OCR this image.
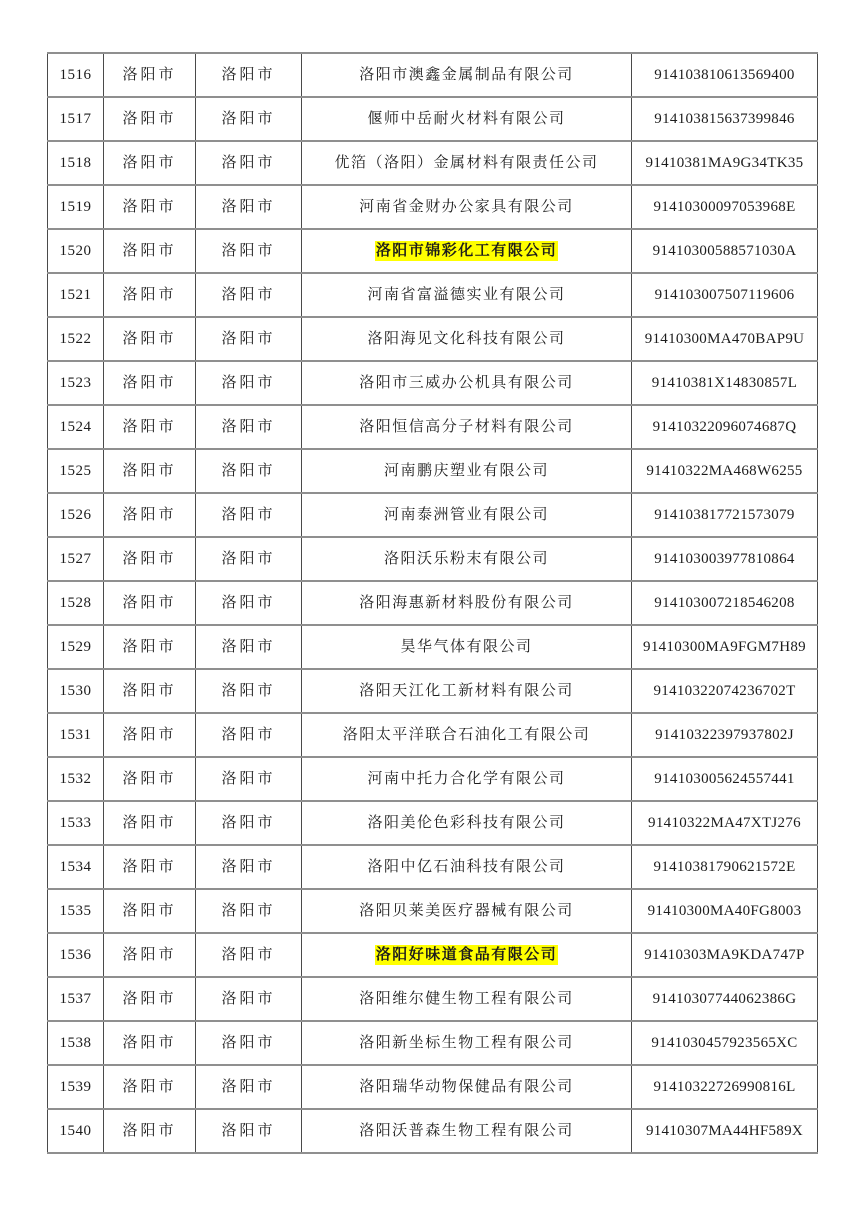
1516	洛阳市	洛阳市	洛阳市澳鑫金属制品有限公司	914103810613569400
1517	洛阳市	洛阳市	偃师中岳耐火材料有限公司	914103815637399846
1518	洛阳市	洛阳市	优箔（洛阳）金属材料有限责任公司	91410381MA9G34TK35
1519	洛阳市	洛阳市	河南省金财办公家具有限公司	91410300097053968E
1520	洛阳市	洛阳市	洛阳市锦彩化工有限公司	91410300588571030A
1521	洛阳市	洛阳市	河南省富溢德实业有限公司	914103007507119606
1522	洛阳市	洛阳市	洛阳海见文化科技有限公司	91410300MA470BAP9U
1523	洛阳市	洛阳市	洛阳市三威办公机具有限公司	91410381X14830857L
1524	洛阳市	洛阳市	洛阳恒信高分子材料有限公司	91410322096074687Q
1525	洛阳市	洛阳市	河南鹏庆塑业有限公司	91410322MA468W6255
1526	洛阳市	洛阳市	河南泰洲管业有限公司	914103817721573079
1527	洛阳市	洛阳市	洛阳沃乐粉末有限公司	914103003977810864
1528	洛阳市	洛阳市	洛阳海惠新材料股份有限公司	914103007218546208
1529	洛阳市	洛阳市	昊华气体有限公司	91410300MA9FGM7H89
1530	洛阳市	洛阳市	洛阳天江化工新材料有限公司	91410322074236702T
1531	洛阳市	洛阳市	洛阳太平洋联合石油化工有限公司	91410322397937802J
1532	洛阳市	洛阳市	河南中托力合化学有限公司	914103005624557441
1533	洛阳市	洛阳市	洛阳美伦色彩科技有限公司	91410322MA47XTJ276
1534	洛阳市	洛阳市	洛阳中亿石油科技有限公司	91410381790621572E
1535	洛阳市	洛阳市	洛阳贝莱美医疗器械有限公司	91410300MA40FG8003
1536	洛阳市	洛阳市	洛阳好味道食品有限公司	91410303MA9KDA747P
1537	洛阳市	洛阳市	洛阳维尔健生物工程有限公司	91410307744062386G
1538	洛阳市	洛阳市	洛阳新坐标生物工程有限公司	9141030457923565XC
1539	洛阳市	洛阳市	洛阳瑞华动物保健品有限公司	91410322726990816L
1540	洛阳市	洛阳市	洛阳沃普森生物工程有限公司	91410307MA44HF589X
